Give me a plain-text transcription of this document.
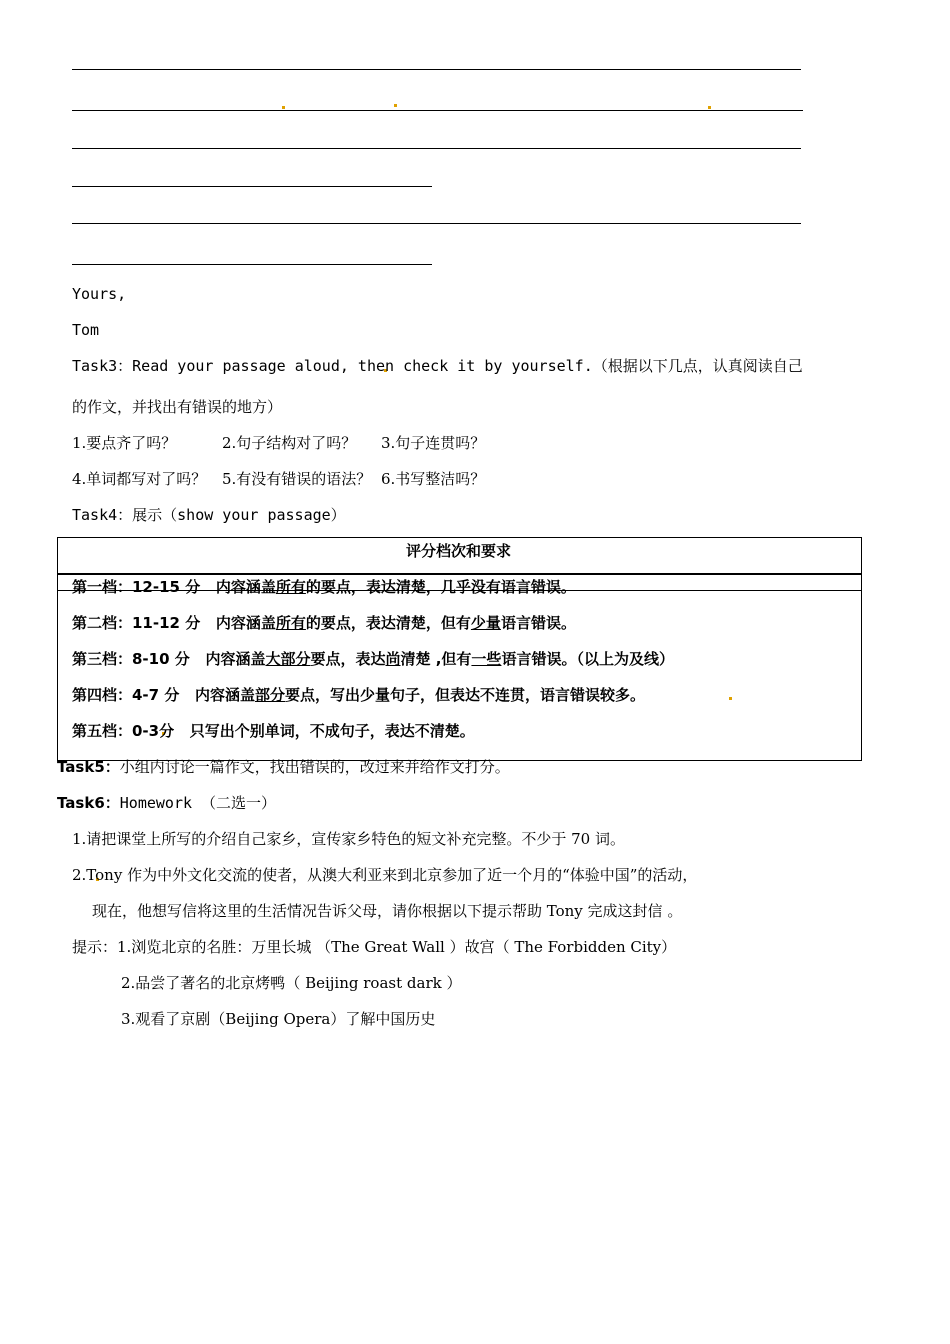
Yours,
Tom
Task3：Read your passage aloud, then check it by yourself.（根据以下几点，认真阅读自己
的作文，并找出有错误的地方）
1.要点齐了吗？	2.句子结构对了吗？ 3.句子连贯吗？
4.单词都写对了吗？ 5.有没有错误的语法？ 6.书写整洁吗？
Task4：展示（show your passage）
评分档次和要求
第一档：12-15 分 内容涵盖所有的要点，表达清楚，几乎没有语言错误。
第二档：11-12 分 内容涵盖所有的要点，表达清楚，但有少量语言错误。
第三档：8-10 分 内容涵盖大部分要点，表达尚清楚 ,但有一些语言错误。（以上为及线）
第四档：4-7 分 内容涵盖部分要点，写出少量句子，但表达不连贯，语言错误较多。
第五档：0-3分 只写出个别单词，不成句子，表达不清楚。
Task5：小组内讨论一篇作文，找出错误的，改过来并给作文打分。
Task6：Homework （二选一）
1.请把课堂上所写的介绍自己家乡，宣传家乡特色的短文补充完整。不少于 70 词。
2.Tony 作为中外文化交流的使者，从澳大利亚来到北京参加了近一个月的“体验中国”的活动，
现在，他想写信将这里的生活情况告诉父母，请你根据以下提示帮助 Tony 完成这封信 。
提示：1.浏览北京的名胜：万里长城 （The Great Wall ）故宫（ The Forbidden City）
2.品尝了著名的北京烤鸭（ Beijing roast dark ）
3.观看了京剧（Beijing Opera）了解中国历史
